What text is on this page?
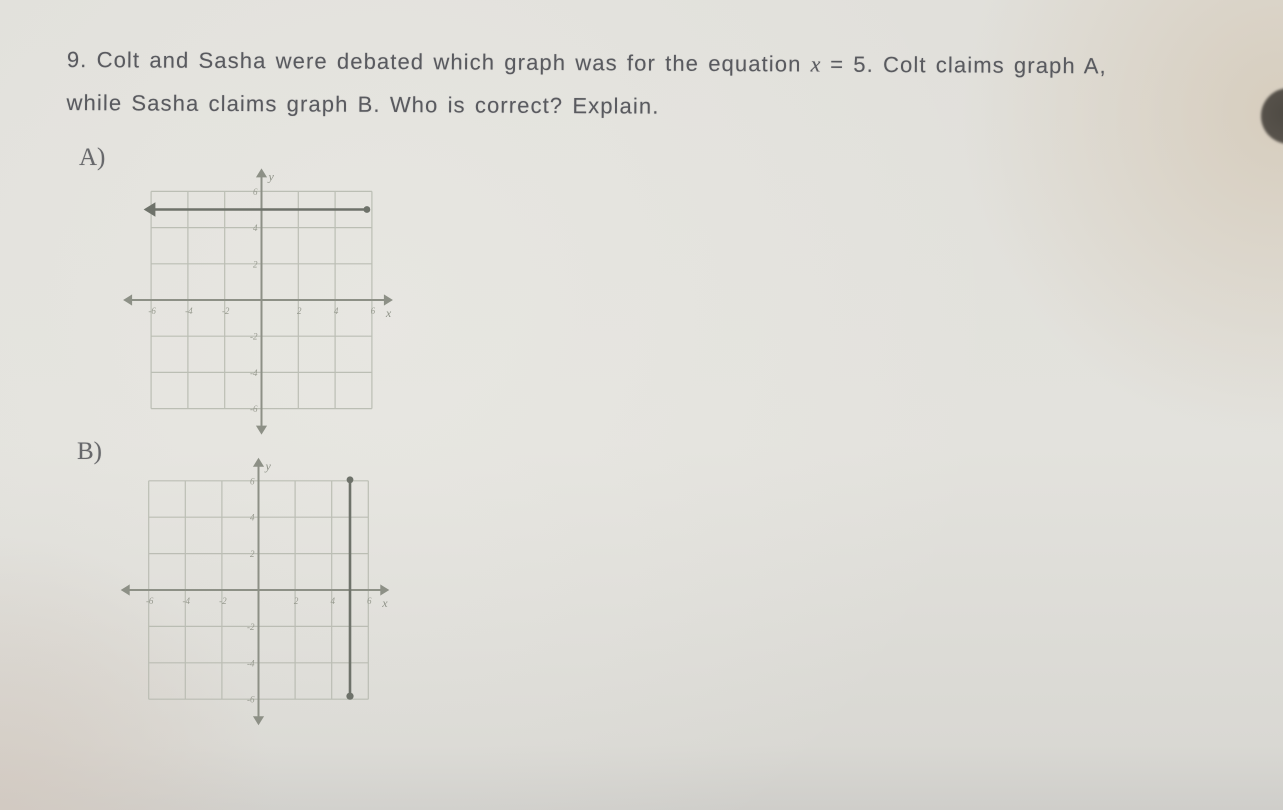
9. Colt and Sasha were debated which graph was for the equation x = 5. Colt claims graph A,
while Sasha claims graph B. Who is correct? Explain.
A)
B)
-6	-4	-2	2	4	6
6
4
2
-2
-4
-6
x
y
-6	-4	-2	2	4	6
6
4
2
-2
-4
-6
x
y
